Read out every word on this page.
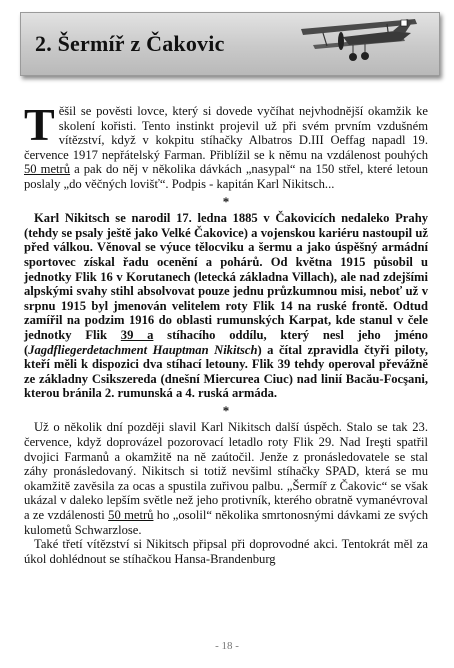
2. Šermíř z Čakovic

Těšil se pověsti lovce, který si dovede vyčíhat nejvhodnější okamžik ke skolení kořisti. Tento instinkt projevil už při svém prvním vzdušném vítězství, když v kokpitu stíhačky Albatros D.III Oeffag napadl 19. července 1917 nepřátelský Farman. Přiblížil se k němu na vzdálenost pouhých 50 metrů a pak do něj v několika dávkách „nasypal“ na 150 střel, které letoun poslaly „do věčných lovišť“. Podpis - kapitán Karl Nikitsch...

*

Karl Nikitsch se narodil 17. ledna 1885 v Čakovicích nedaleko Prahy (tehdy se psaly ještě jako Velké Čakovice) a vojenskou kariéru nastoupil už před válkou. Věnoval se výuce tělocviku a šermu a jako úspěšný armádní sportovec získal řadu ocenění a pohárů. Od května 1915 působil u jednotky Flik 16 v Korutanech (letecká základna Villach), ale nad zdejšími alpskými svahy stihl absolvovat pouze jednu průzkumnou misi, neboť už v srpnu 1915 byl jmenován velitelem roty Flik 14 na ruské frontě. Odtud zamířil na podzim 1916 do oblasti rumunských Karpat, kde stanul v čele jednotky Flik 39 a stíhacího oddílu, který nesl jeho jméno (Jagdfliegerdetachment Hauptman Nikitsch) a čítal zpravidla čtyři piloty, kteří měli k dispozici dva stíhací letouny. Flik 39 tehdy operoval převážně ze základny Csikszereda (dnešní Miercurea Ciuc) nad linií Bacău-Focşani, kterou bránila 2. rumunská a 4. ruská armáda.

*

Už o několik dní později slavil Karl Nikitsch další úspěch. Stalo se tak 23. července, když doprovázel pozorovací letadlo roty Flik 29. Nad Ireşti spatřil dvojici Farmanů a okamžitě na ně zaútočil. Jenže z pronásledovatele se stal záhy pronásledovaný. Nikitsch si totiž nevšiml stíhačky SPAD, která se mu okamžitě zavěsila za ocas a spustila zuřivou palbu. „Šermíř z Čakovic“ se však ukázal v daleko lepším světle než jeho protivník, kterého obratně vymanévroval a ze vzdálenosti 50 metrů ho „osolil“ několika smrtonosnými dávkami ze svých kulometů Schwarzlose.

Také třetí vítězství si Nikitsch připsal při doprovodné akci. Tentokrát měl za úkol dohlédnout se stíhačkou Hansa-Brandenburg

- 18 -
